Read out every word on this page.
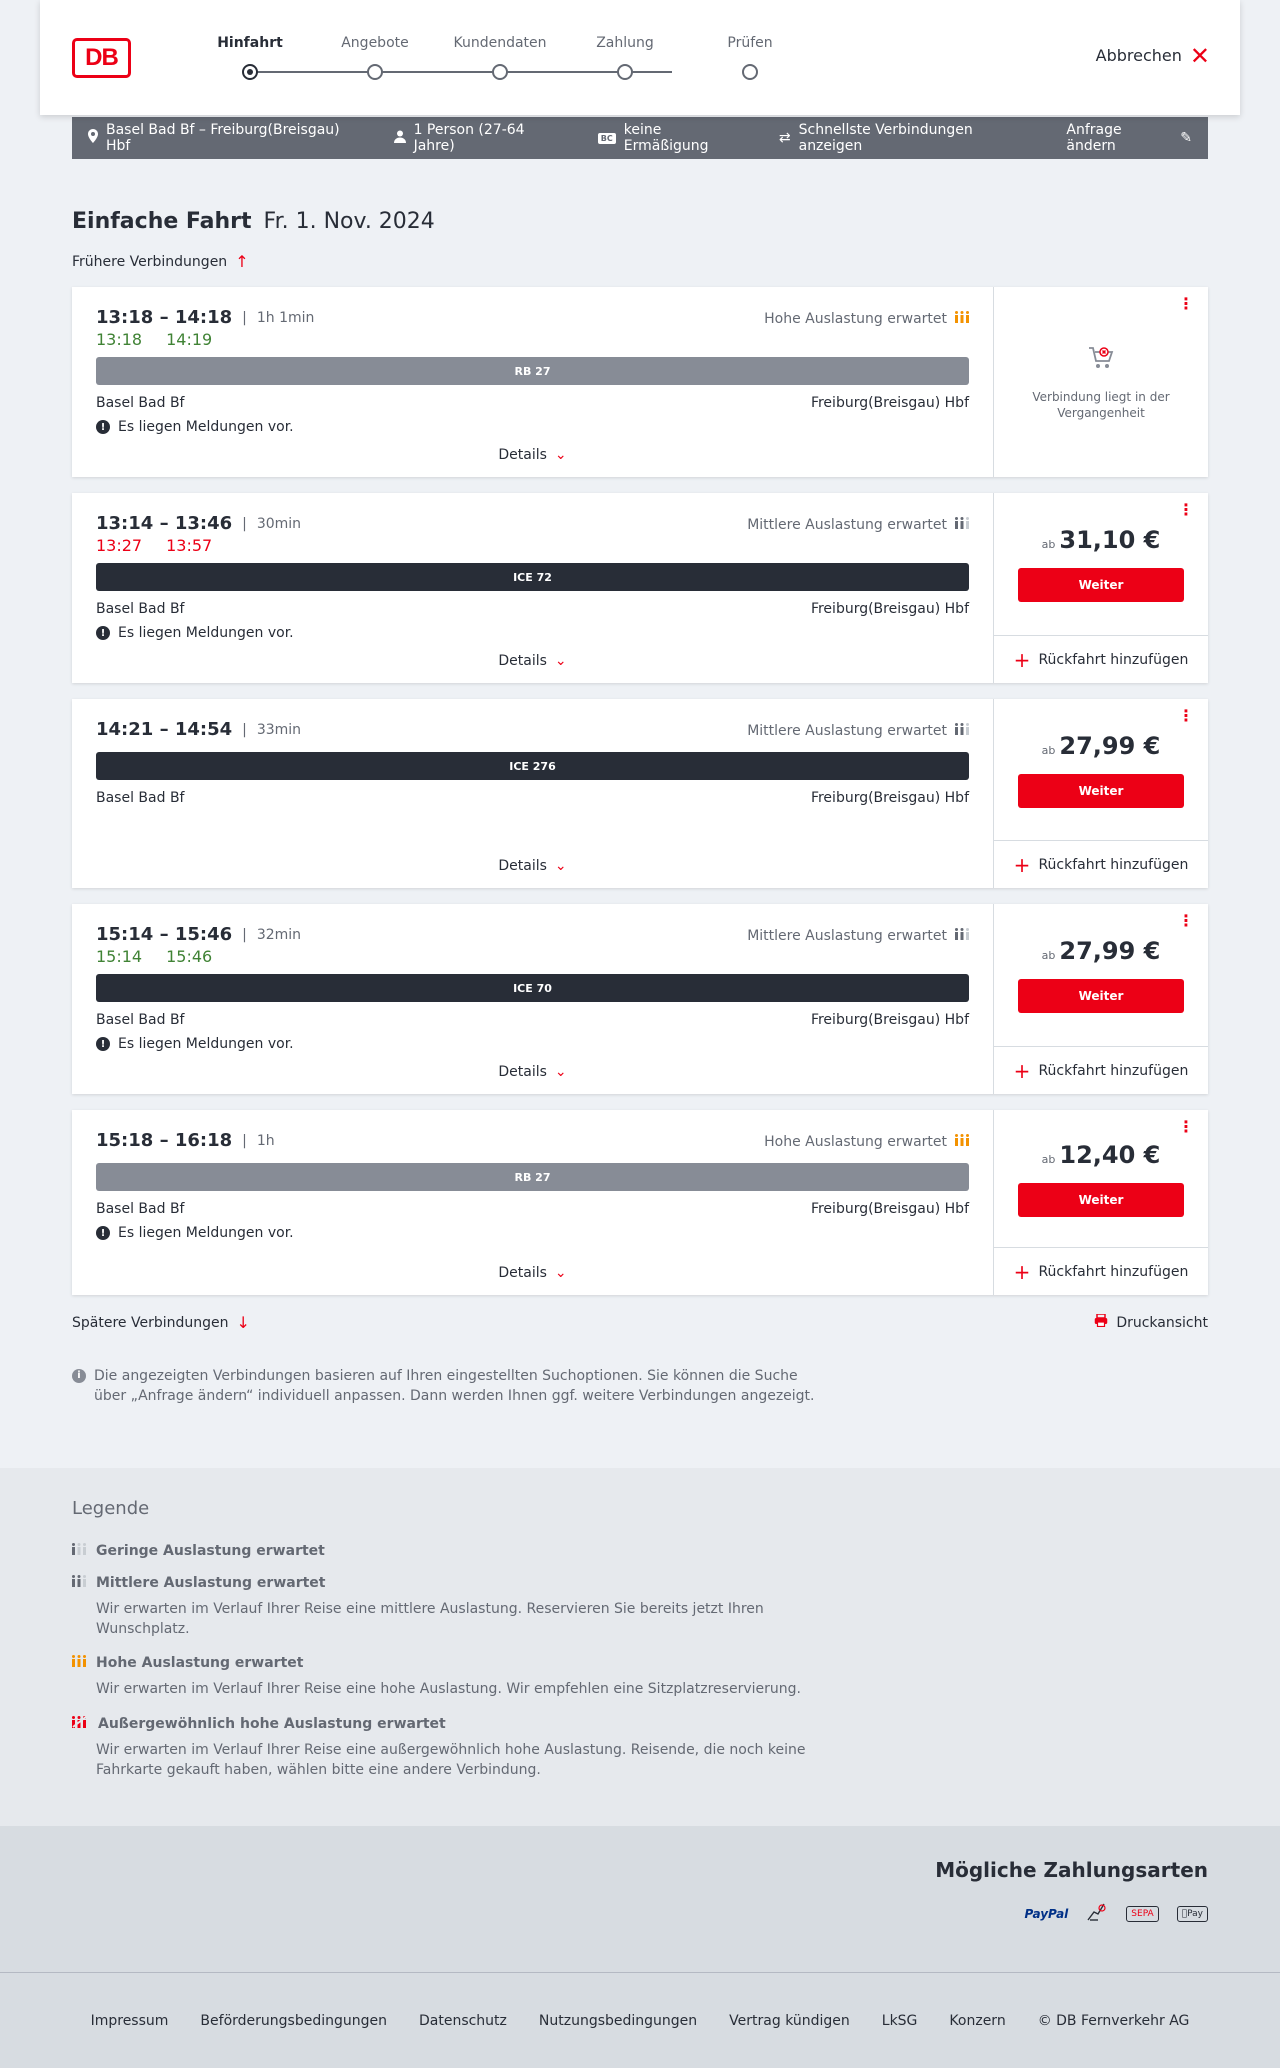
DB
Hinfahrt	Angebote	Kundendaten	Zahlung	Prüfen
Abbrechen ✕
Basel Bad Bf – Freiburg(Breisgau) Hbf
1 Person (27-64 Jahre)	BC keine Ermäßigung	⇄ Schnellste Verbindungen anzeigen
Anfrage ändern	✎
Einfache Fahrt Fr. 1. Nov. 2024
Frühere Verbindungen ↑
13:18 – 14:18 | 1h 1min	Hohe Auslastung erwartet
13:18 14:19
RB 27
Basel Bad Bf	Freiburg(Breisgau) Hbf
! Es liegen Meldungen vor.
Details ⌄
⋮
Verbindung liegt in der Vergangenheit
13:14 – 13:46 | 30min	Mittlere Auslastung erwartet
13:27 13:57
ICE 72
Basel Bad Bf	Freiburg(Breisgau) Hbf
! Es liegen Meldungen vor.
Details ⌄
⋮
ab 31,10 €
Weiter
+ Rückfahrt hinzufügen
14:21 – 14:54 | 33min	Mittlere Auslastung erwartet
ICE 276
Basel Bad Bf	Freiburg(Breisgau) Hbf
Details ⌄
⋮
ab 27,99 €
Weiter
+ Rückfahrt hinzufügen
15:14 – 15:46 | 32min	Mittlere Auslastung erwartet
15:14 15:46
ICE 70
Basel Bad Bf	Freiburg(Breisgau) Hbf
! Es liegen Meldungen vor.
Details ⌄
⋮
ab 27,99 €
Weiter
+ Rückfahrt hinzufügen
15:18 – 16:18 | 1h	Hohe Auslastung erwartet
RB 27
Basel Bad Bf	Freiburg(Breisgau) Hbf
! Es liegen Meldungen vor.
Details ⌄
⋮
ab 12,40 €
Weiter
+ Rückfahrt hinzufügen
Spätere Verbindungen ↓	Druckansicht
i Die angezeigten Verbindungen basieren auf Ihren eingestellten Suchoptionen. Sie können die Suche über „Anfrage ändern“ individuell anpassen. Dann werden Ihnen ggf. weitere Verbindungen angezeigt.
Legende
Geringe Auslastung erwartet
Mittlere Auslastung erwartet
Wir erwarten im Verlauf Ihrer Reise eine mittlere Auslastung. Reservieren Sie bereits jetzt Ihren Wunschplatz.
Hohe Auslastung erwartet
Wir erwarten im Verlauf Ihrer Reise eine hohe Auslastung. Wir empfehlen eine Sitzplatzreservierung.
Außergewöhnlich hohe Auslastung erwartet
Wir erwarten im Verlauf Ihrer Reise eine außergewöhnlich hohe Auslastung. Reisende, die noch keine Fahrkarte gekauft haben, wählen bitte eine andere Verbindung.
Mögliche Zahlungsarten
PayPal	SEPA	Pay
Impressum Beförderungsbedingungen Datenschutz Nutzungsbedingungen Vertrag kündigen LkSG Konzern © DB Fernverkehr AG
